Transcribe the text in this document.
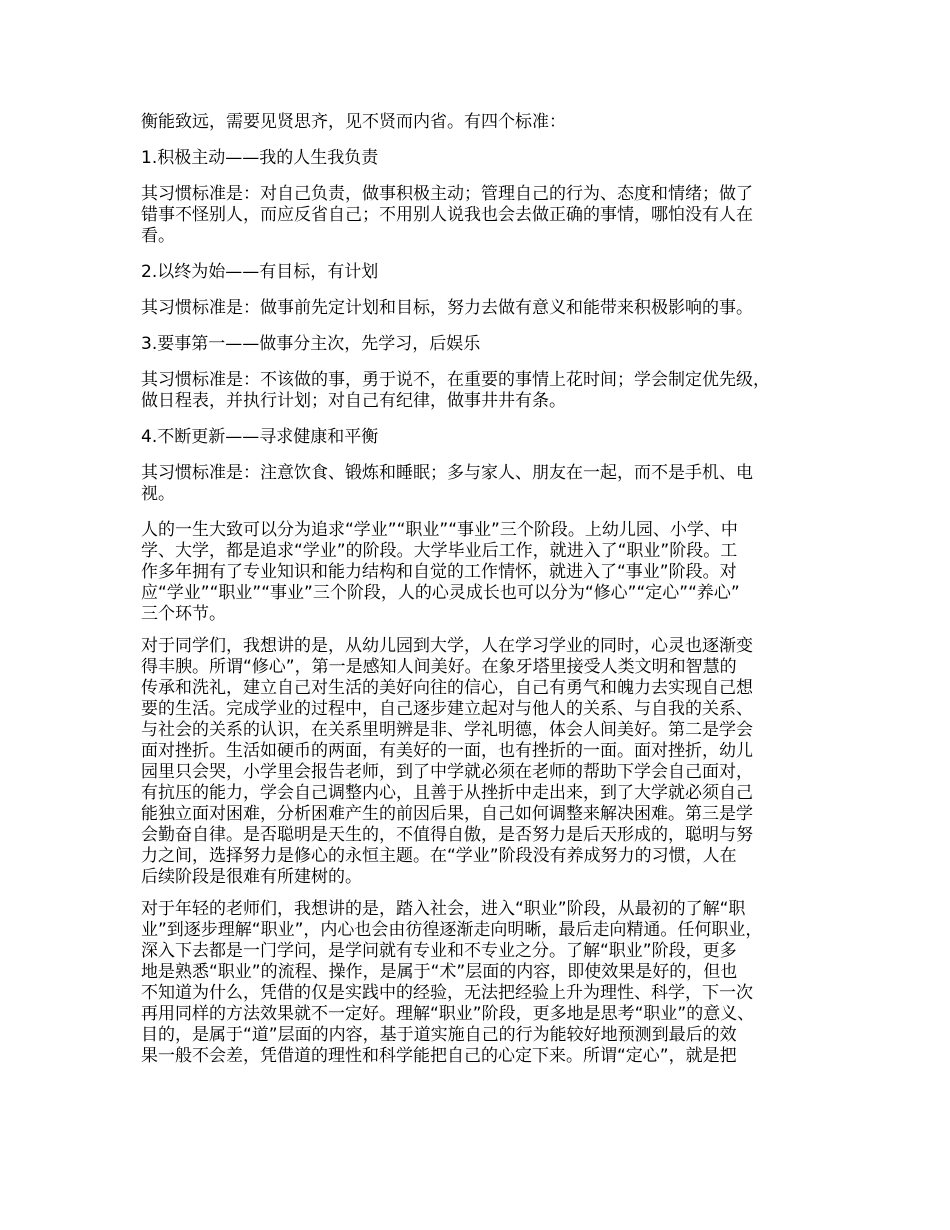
衡能致远，需要见贤思齐，见不贤而内省。有四个标准：
1.积极主动——我的人生我负责
其习惯标准是：对自己负责，做事积极主动；管理自己的行为、态度和情绪；做了
错事不怪别人，而应反省自己；不用别人说我也会去做正确的事情，哪怕没有人在
看。
2.以终为始——有目标，有计划
其习惯标准是：做事前先定计划和目标，努力去做有意义和能带来积极影响的事。
3.要事第一——做事分主次，先学习，后娱乐
其习惯标准是：不该做的事，勇于说不，在重要的事情上花时间；学会制定优先级，
做日程表，并执行计划；对自己有纪律，做事井井有条。
4.不断更新——寻求健康和平衡
其习惯标准是：注意饮食、锻炼和睡眠；多与家人、朋友在一起，而不是手机、电
视。
人的一生大致可以分为追求“学业”“职业”“事业”三个阶段。上幼儿园、小学、中
学、大学，都是追求“学业”的阶段。大学毕业后工作，就进入了“职业”阶段。工
作多年拥有了专业知识和能力结构和自觉的工作情怀，就进入了“事业”阶段。对
应“学业”“职业”“事业”三个阶段，人的心灵成长也可以分为“修心”“定心”“养心”
三个环节。
对于同学们，我想讲的是，从幼儿园到大学，人在学习学业的同时，心灵也逐渐变
得丰腴。所谓“修心”，第一是感知人间美好。在象牙塔里接受人类文明和智慧的
传承和洗礼，建立自己对生活的美好向往的信心，自己有勇气和魄力去实现自己想
要的生活。完成学业的过程中，自己逐步建立起对与他人的关系、与自我的关系、
与社会的关系的认识，在关系里明辨是非、学礼明德，体会人间美好。第二是学会
面对挫折。生活如硬币的两面，有美好的一面，也有挫折的一面。面对挫折，幼儿
园里只会哭，小学里会报告老师，到了中学就必须在老师的帮助下学会自己面对，
有抗压的能力，学会自己调整内心，且善于从挫折中走出来，到了大学就必须自己
能独立面对困难，分析困难产生的前因后果，自己如何调整来解决困难。第三是学
会勤奋自律。是否聪明是天生的，不值得自傲，是否努力是后天形成的，聪明与努
力之间，选择努力是修心的永恒主题。在“学业”阶段没有养成努力的习惯，人在
后续阶段是很难有所建树的。
对于年轻的老师们，我想讲的是，踏入社会，进入“职业”阶段，从最初的了解“职
业”到逐步理解“职业”，内心也会由彷徨逐渐走向明晰，最后走向精通。任何职业，
深入下去都是一门学问，是学问就有专业和不专业之分。了解“职业”阶段，更多
地是熟悉“职业”的流程、操作，是属于“术”层面的内容，即使效果是好的，但也
不知道为什么，凭借的仅是实践中的经验，无法把经验上升为理性、科学，下一次
再用同样的方法效果就不一定好。理解“职业”阶段，更多地是思考“职业”的意义、
目的，是属于“道”层面的内容，基于道实施自己的行为能较好地预测到最后的效
果一般不会差，凭借道的理性和科学能把自己的心定下来。所谓“定心”，就是把
